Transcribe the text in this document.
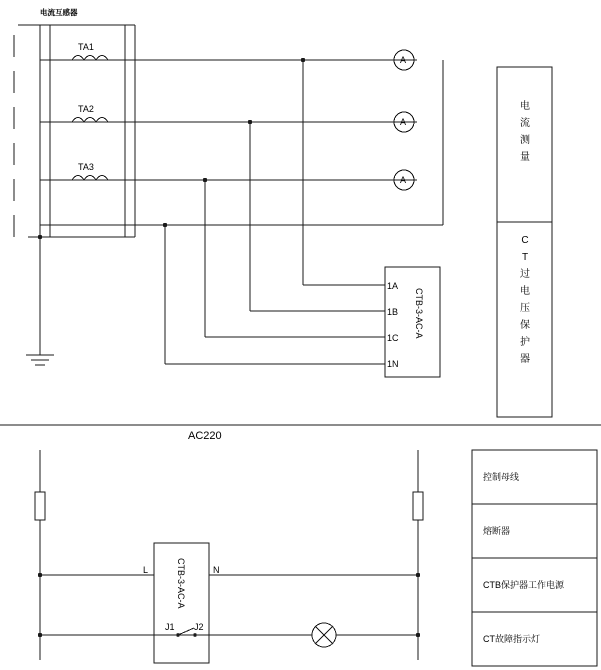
电流互感器
TA1
TA2
TA3
A
A
A
1A
1B
1C
1N
CTB-3-AC-A
电
流
测
量
C
T
过
电
压
保
护
器
AC220
L	N
J1 J2
CTB-3-AC-A
控制母线
熔断器
CTB保护器工作电源
CT故障指示灯
